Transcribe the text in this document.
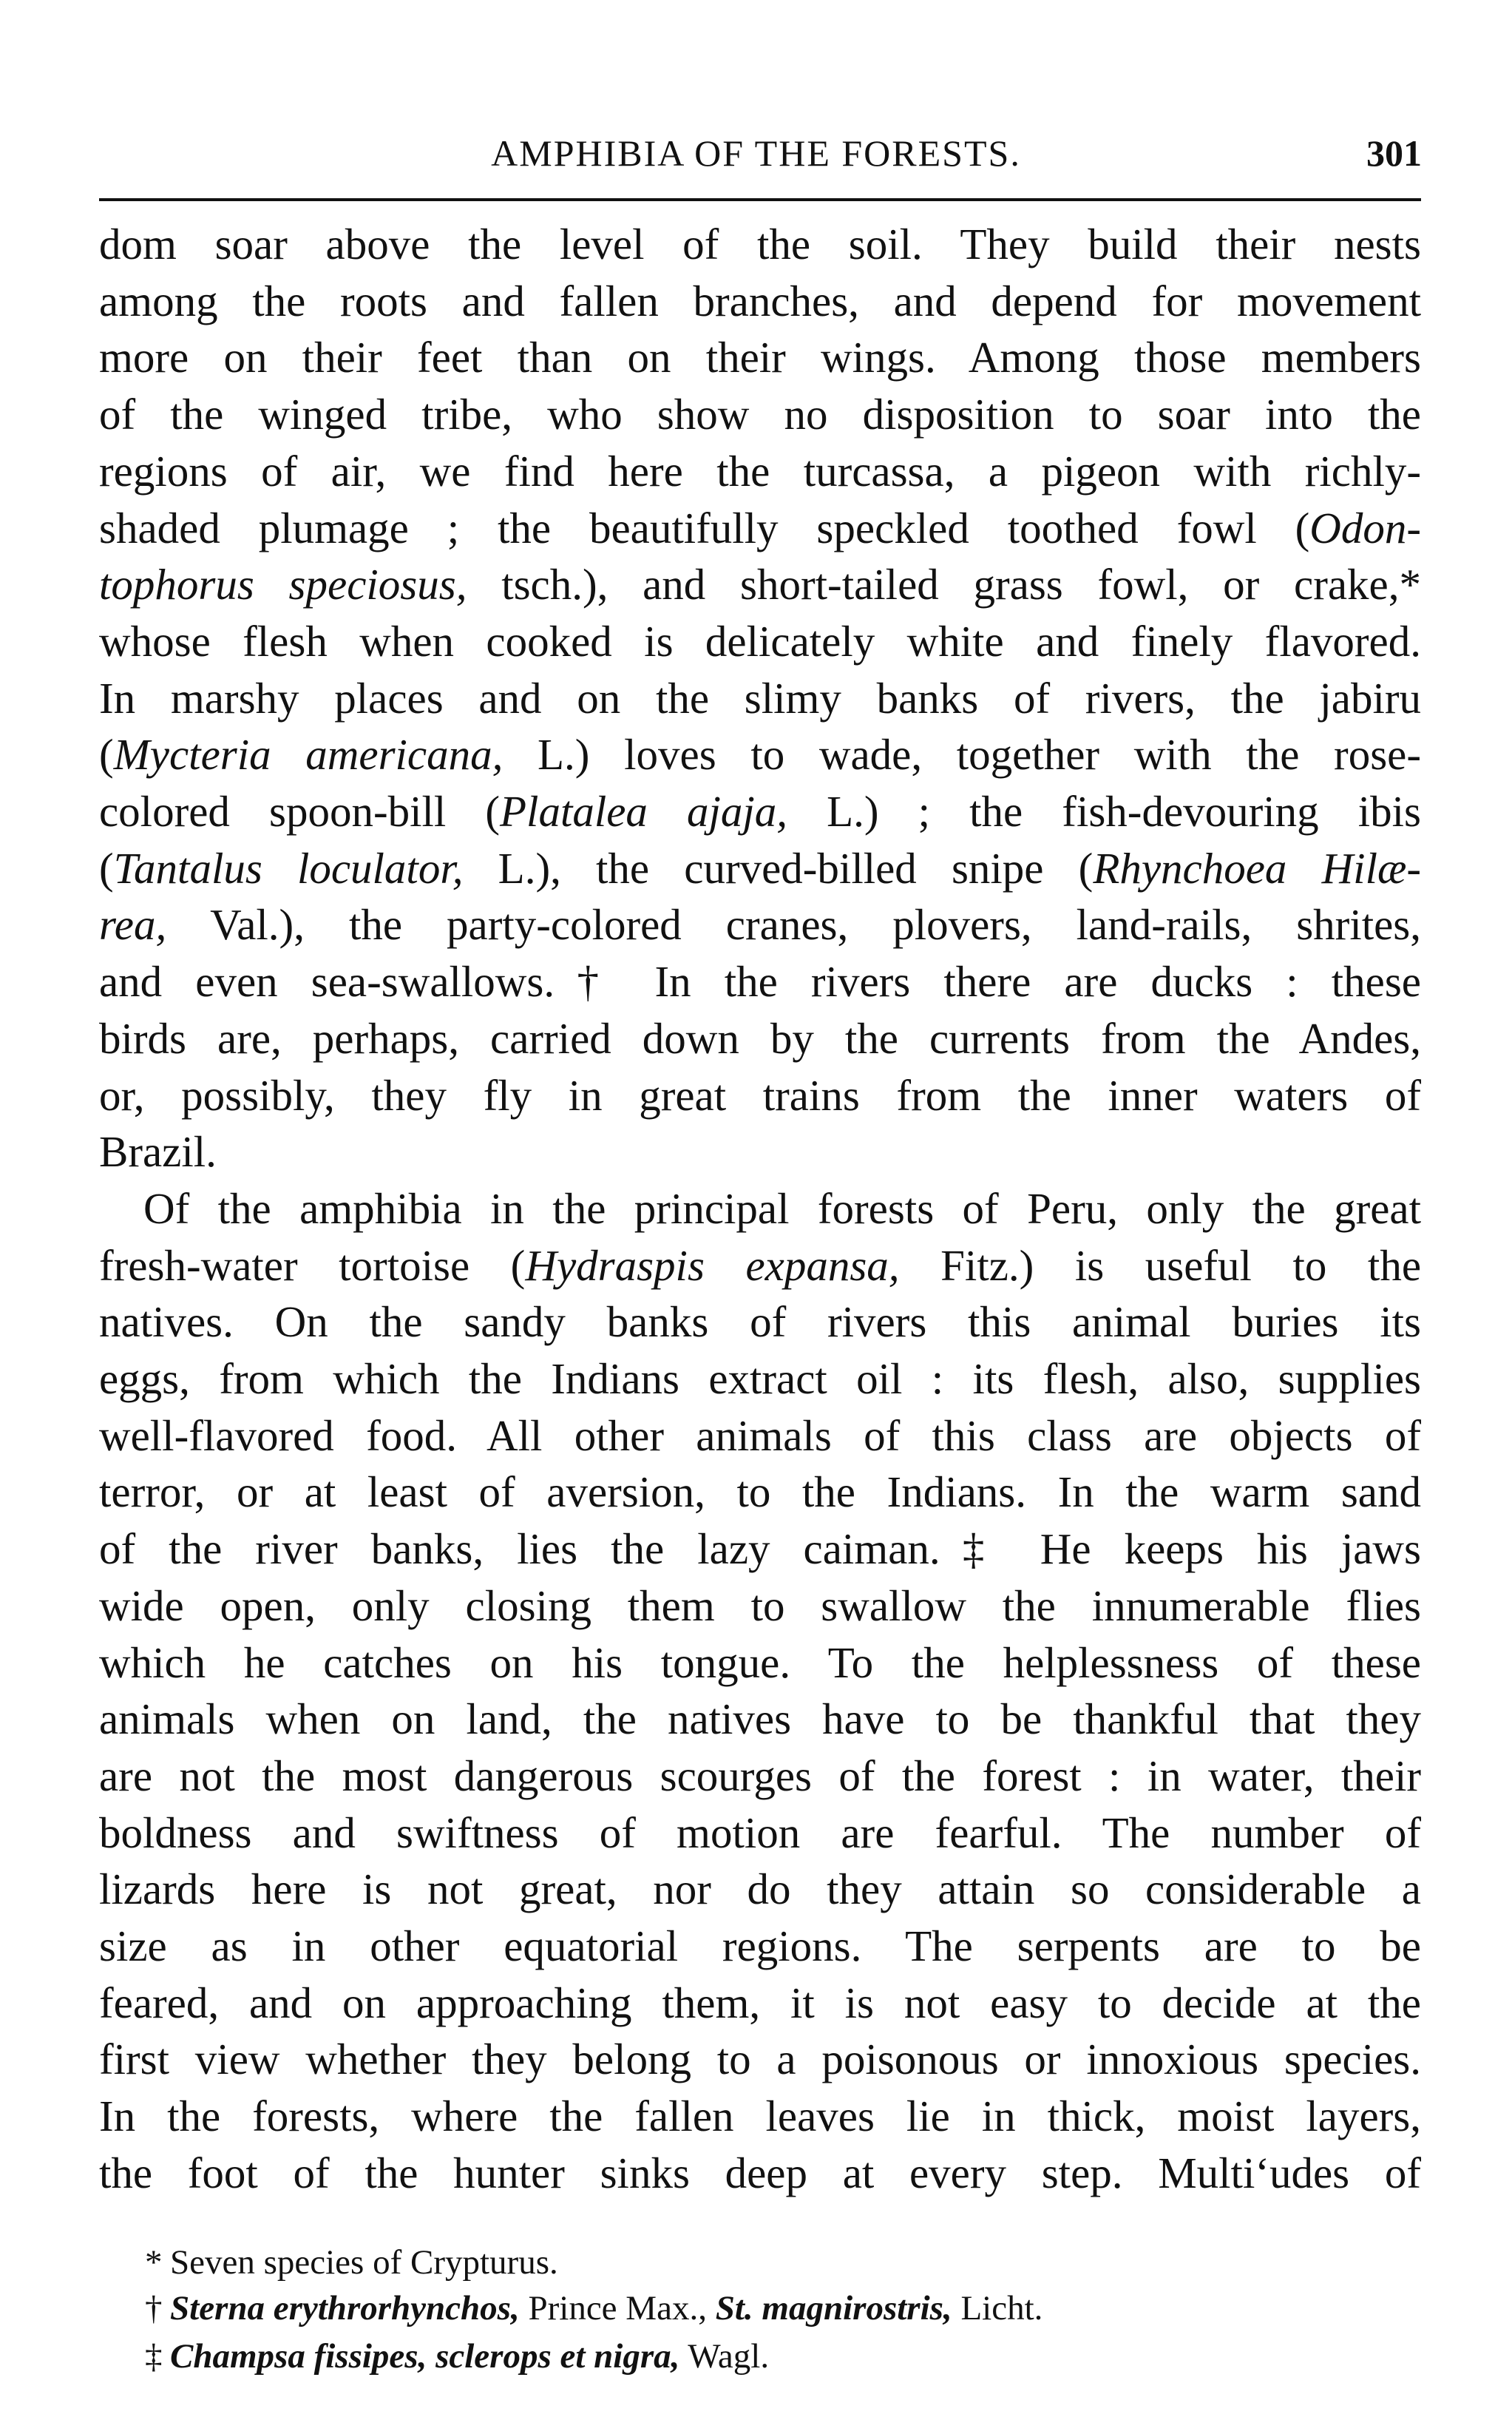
AMPHIBIA OF THE FORESTS.	301
dom soar above the level of the soil. They build their nests
among the roots and fallen branches, and depend for movement
more on their feet than on their wings. Among those members
of the winged tribe, who show no disposition to soar into the
regions of air, we find here the turcassa, a pigeon with richly-
shaded plumage ; the beautifully speckled toothed fowl (Odon-
tophorus speciosus, tsch.), and short-tailed grass fowl, or crake,*
whose flesh when cooked is delicately white and finely flavored.
In marshy places and on the slimy banks of rivers, the jabiru
(Mycteria americana, L.) loves to wade, together with the rose-
colored spoon-bill (Platalea ajaja, L.) ; the fish-devouring ibis
(Tantalus loculator, L.), the curved-billed snipe (Rhynchoea Hilæ-
rea, Val.), the party-colored cranes, plovers, land-rails, shrites,
and even sea-swallows.† In the rivers there are ducks : these
birds are, perhaps, carried down by the currents from the Andes,
or, possibly, they fly in great trains from the inner waters of
Brazil.
Of the amphibia in the principal forests of Peru, only the great
fresh-water tortoise (Hydraspis expansa, Fitz.) is useful to the
natives. On the sandy banks of rivers this animal buries its
eggs, from which the Indians extract oil : its flesh, also, supplies
well-flavored food. All other animals of this class are objects of
terror, or at least of aversion, to the Indians. In the warm sand
of the river banks, lies the lazy caiman.‡ He keeps his jaws
wide open, only closing them to swallow the innumerable flies
which he catches on his tongue. To the helplessness of these
animals when on land, the natives have to be thankful that they
are not the most dangerous scourges of the forest : in water, their
boldness and swiftness of motion are fearful. The number of
lizards here is not great, nor do they attain so considerable a
size as in other equatorial regions. The serpents are to be
feared, and on approaching them, it is not easy to decide at the
first view whether they belong to a poisonous or innoxious species.
In the forests, where the fallen leaves lie in thick, moist layers,
the foot of the hunter sinks deep at every step. Multi‘udes of
* Seven species of Crypturus.
† Sterna erythrorhynchos, Prince Max., St. magnirostris, Licht.
‡ Champsa fissipes, sclerops et nigra, Wagl.
